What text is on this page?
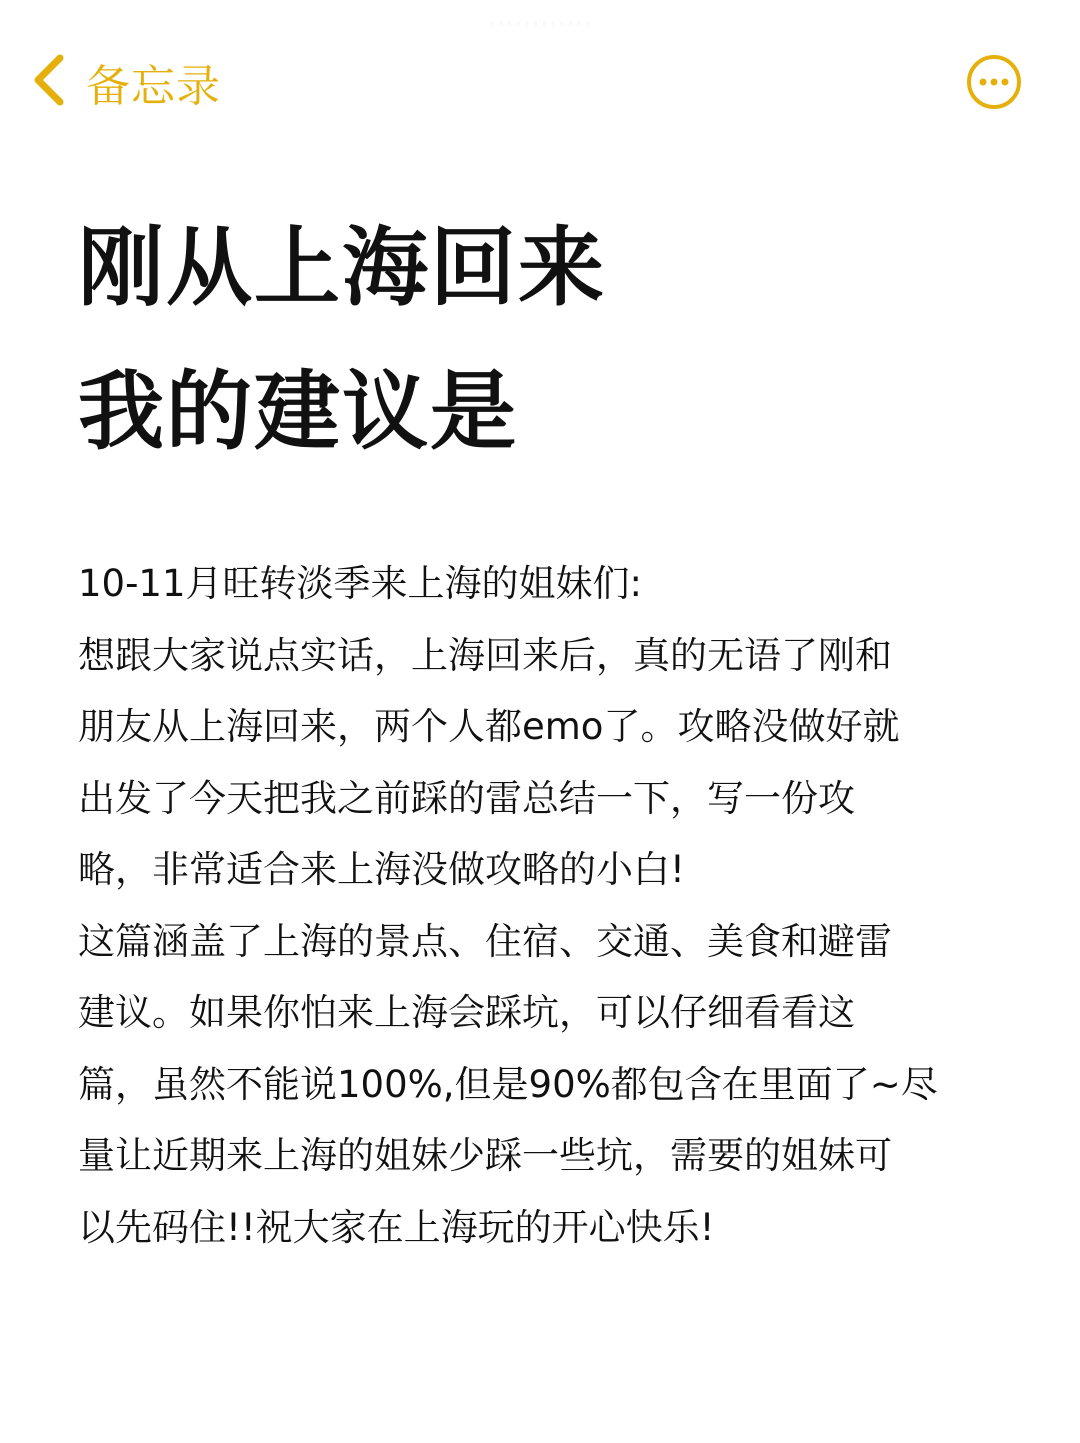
…………
备忘录
刚从上海回来
我的建议是
10-11月旺转淡季来上海的姐妹们:
想跟大家说点实话，上海回来后，真的无语了刚和
朋友从上海回来，两个人都emo了。攻略没做好就
出发了今天把我之前踩的雷总结一下，写一份攻
略，非常适合来上海没做攻略的小白!
这篇涵盖了上海的景点、住宿、交通、美食和避雷
建议。如果你怕来上海会踩坑，可以仔细看看这
篇，虽然不能说100%,但是90%都包含在里面了~尽
量让近期来上海的姐妹少踩一些坑，需要的姐妹可
以先码住!!祝大家在上海玩的开心快乐!
